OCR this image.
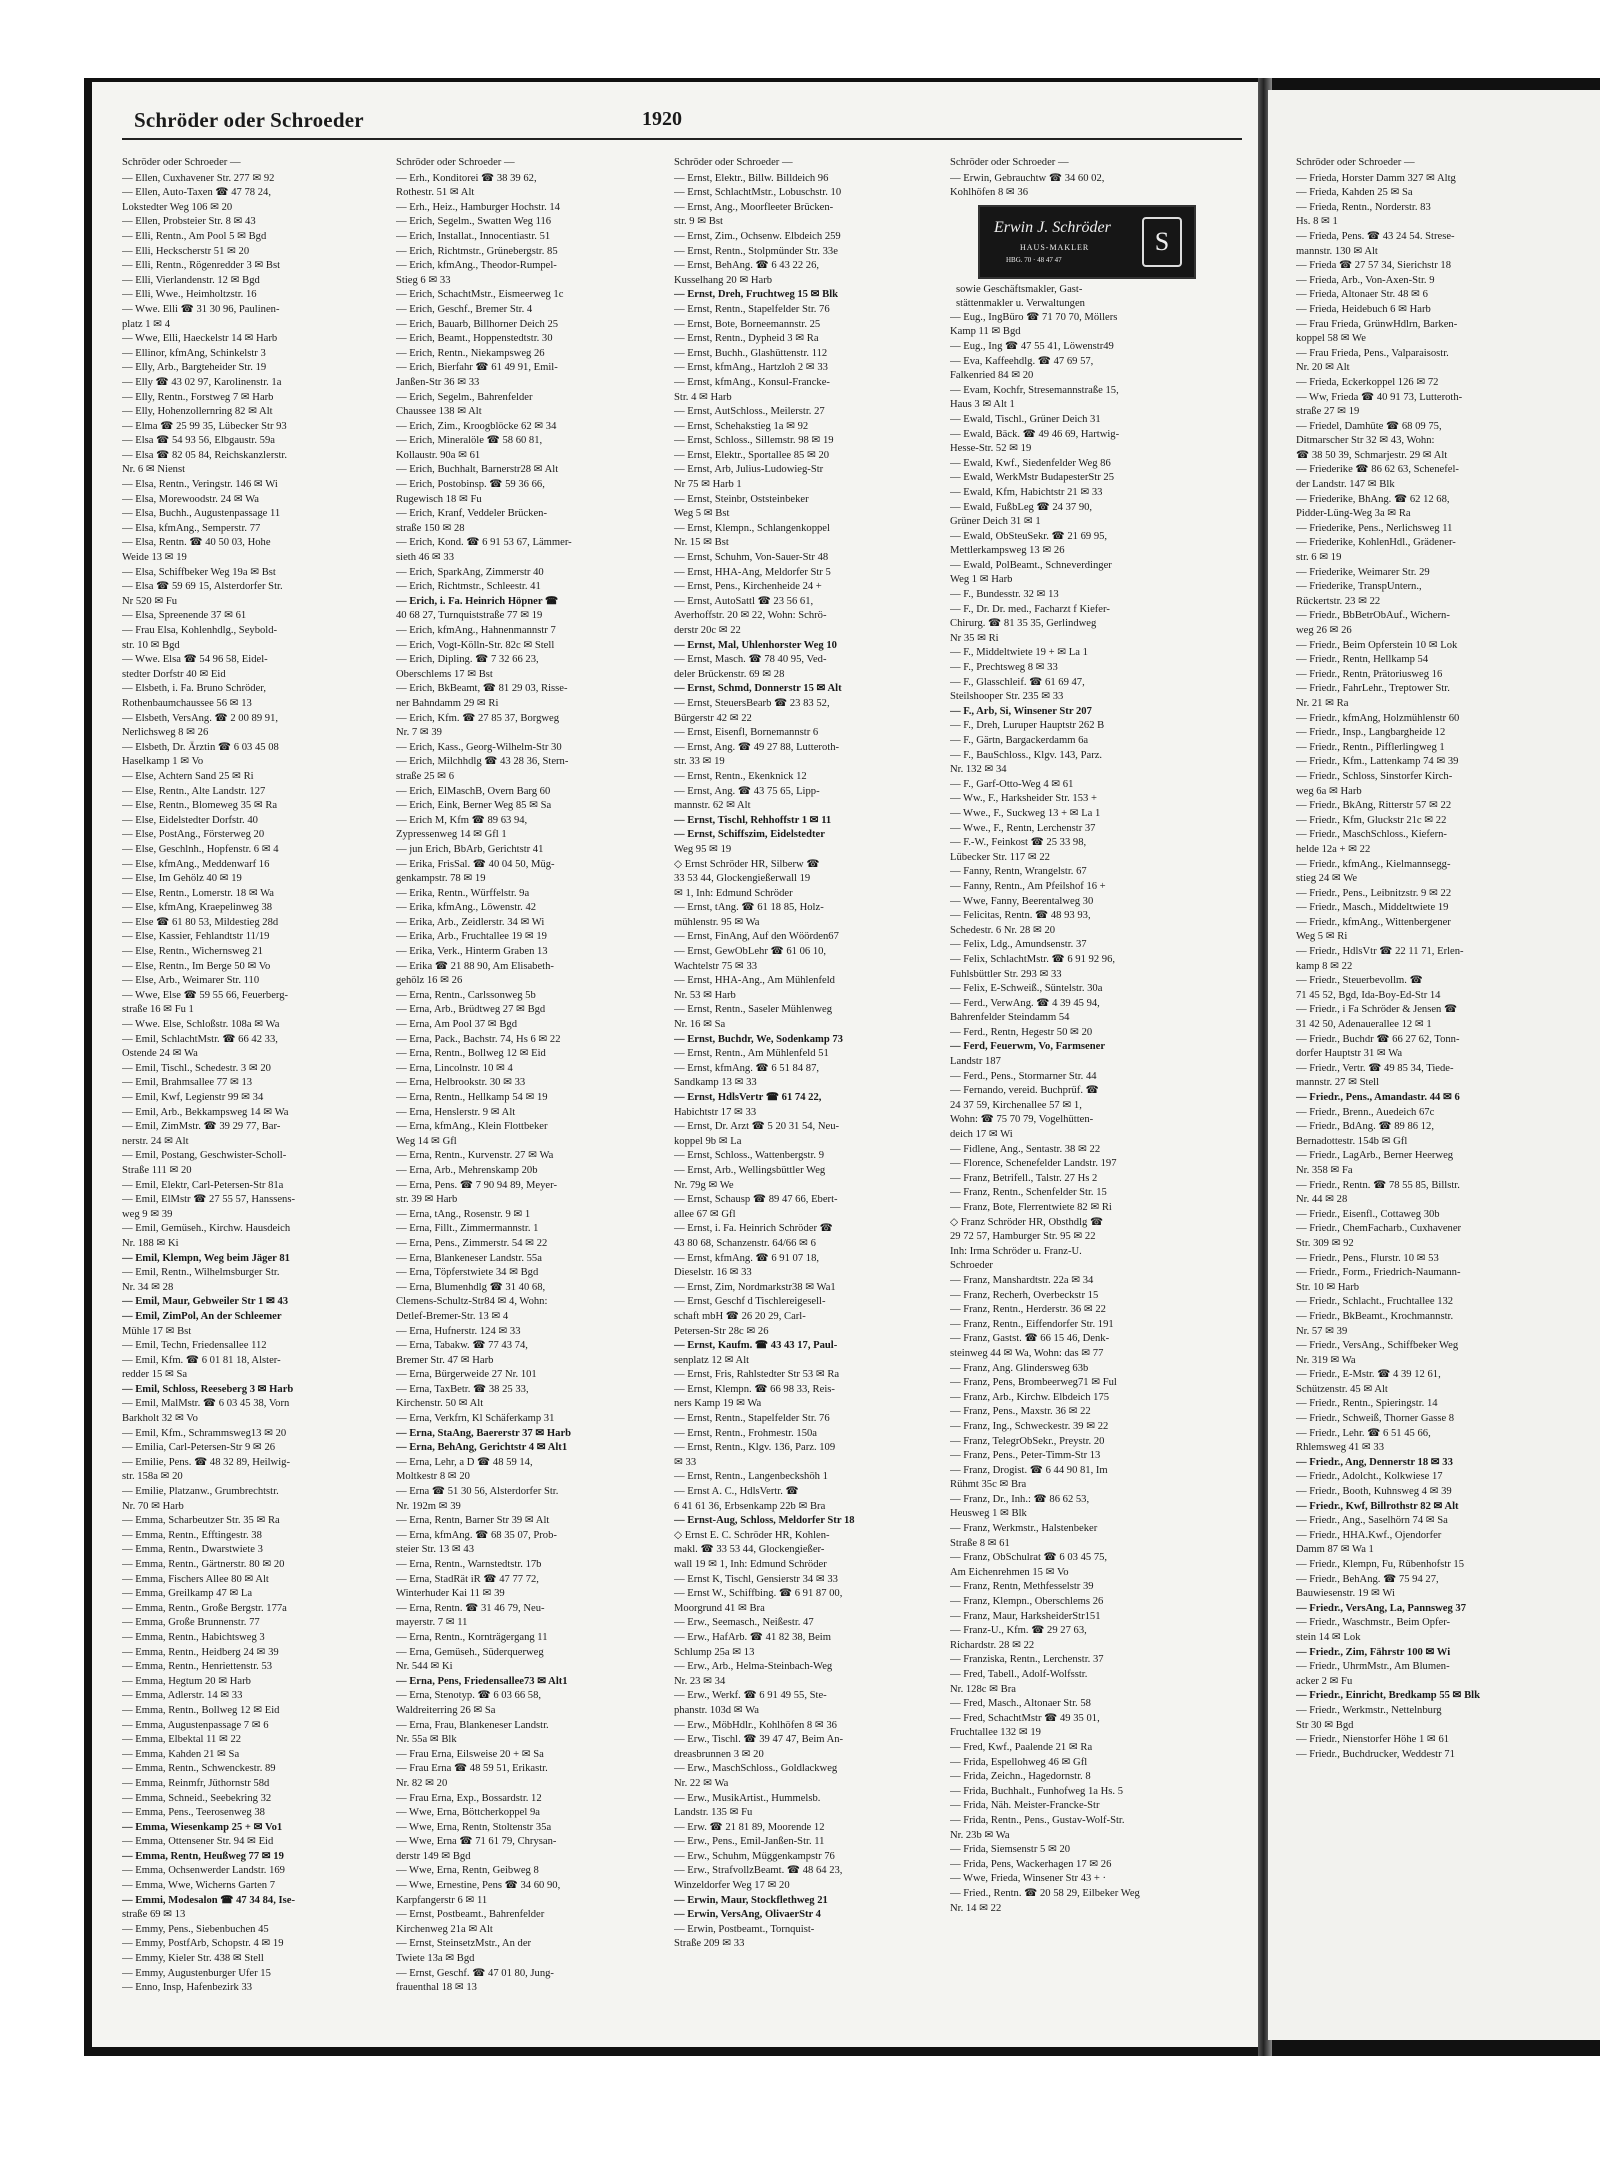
Schröder oder Schroeder	1920
Schröder oder Schroeder —
— Ellen, Cuxhavener Str. 277 ✉ 92
— Ellen, Auto-Taxen ☎ 47 78 24,
Lokstedter Weg 106 ✉ 20
— Ellen, Probsteier Str. 8 ✉ 43
— Elli, Rentn., Am Pool 5 ✉ Bgd
— Elli, Heckscherstr 51 ✉ 20
— Elli, Rentn., Rögenredder 3 ✉ Bst
— Elli, Vierlandenstr. 12 ✉ Bgd
— Elli, Wwe., Heimholtzstr. 16
— Wwe. Elli ☎ 31 30 96, Paulinen-
platz 1 ✉ 4
— Wwe, Elli, Haeckelstr 14 ✉ Harb
— Ellinor, kfmAng, Schinkelstr 3
— Elly, Arb., Bargteheider Str. 19
— Elly ☎ 43 02 97, Karolinenstr. 1a
— Elly, Rentn., Forstweg 7 ✉ Harb
— Elly, Hohenzollernring 82 ✉ Alt
— Elma ☎ 25 99 35, Lübecker Str 93
— Elsa ☎ 54 93 56, Elbgaustr. 59a
— Elsa ☎ 82 05 84, Reichskanzlerstr.
Nr. 6 ✉ Nienst
— Elsa, Rentn., Veringstr. 146 ✉ Wi
— Elsa, Morewoodstr. 24 ✉ Wa
— Elsa, Buchh., Augustenpassage 11
— Elsa, kfmAng., Semperstr. 77
— Elsa, Rentn. ☎ 40 50 03, Hohe
Weide 13 ✉ 19
— Elsa, Schiffbeker Weg 19a ✉ Bst
— Elsa ☎ 59 69 15, Alsterdorfer Str.
Nr 520 ✉ Fu
— Elsa, Spreenende 37 ✉ 61
— Frau Elsa, Kohlenhdlg., Seybold-
str. 10 ✉ Bgd
— Wwe. Elsa ☎ 54 96 58, Eidel-
stedter Dorfstr 40 ✉ Eid
— Elsbeth, i. Fa. Bruno Schröder,
Rothenbaumchaussee 56 ✉ 13
— Elsbeth, VersAng. ☎ 2 00 89 91,
Nerlichsweg 8 ✉ 26
— Elsbeth, Dr. Ärztin ☎ 6 03 45 08
Haselkamp 1 ✉ Vo
— Else, Achtern Sand 25 ✉ Ri
— Else, Rentn., Alte Landstr. 127
— Else, Rentn., Blomeweg 35 ✉ Ra
— Else, Eidelstedter Dorfstr. 40
— Else, PostAng., Försterweg 20
— Else, Geschlnh., Hopfenstr. 6 ✉ 4
— Else, kfmAng., Meddenwarf 16
— Else, Im Gehölz 40 ✉ 19
— Else, Rentn., Lomerstr. 18 ✉ Wa
— Else, kfmAng, Kraepelinweg 38
— Else ☎ 61 80 53, Mildestieg 28d
— Else, Kassier, Fehlandtstr 11/19
— Else, Rentn., Wichernsweg 21
— Else, Rentn., Im Berge 50 ✉ Vo
— Else, Arb., Weimarer Str. 110
— Wwe, Else ☎ 59 55 66, Feuerberg-
straße 16 ✉ Fu 1
— Wwe. Else, Schloßstr. 108a ✉ Wa
— Emil, SchlachtMstr. ☎ 66 42 33,
Ostende 24 ✉ Wa
— Emil, Tischl., Schedestr. 3 ✉ 20
— Emil, Brahmsallee 77 ✉ 13
— Emil, Kwf, Legienstr 99 ✉ 34
— Emil, Arb., Bekkampsweg 14 ✉ Wa
— Emil, ZimMstr. ☎ 39 29 77, Bar-
nerstr. 24 ✉ Alt
— Emil, Postang, Geschwister-Scholl-
Straße 111 ✉ 20
— Emil, Elektr, Carl-Petersen-Str 81a
— Emil, ElMstr ☎ 27 55 57, Hanssens-
weg 9 ✉ 39
— Emil, Gemüseh., Kirchw. Hausdeich
Nr. 188 ✉ Ki
— Emil, Klempn, Weg beim Jäger 81
— Emil, Rentn., Wilhelmsburger Str.
Nr. 34 ✉ 28
— Emil, Maur, Gebweiler Str 1 ✉ 43
— Emil, ZimPol, An der Schleemer
Mühle 17 ✉ Bst
— Emil, Techn, Friedensallee 112
— Emil, Kfm. ☎ 6 01 81 18, Alster-
redder 15 ✉ Sa
— Emil, Schloss, Reeseberg 3 ✉ Harb
— Emil, MalMstr. ☎ 6 03 45 38, Vorn
Barkholt 32 ✉ Vo
— Emil, Kfm., Schrammsweg13 ✉ 20
— Emilia, Carl-Petersen-Str 9 ✉ 26
— Emilie, Pens. ☎ 48 32 89, Heilwig-
str. 158a ✉ 20
— Emilie, Platzanw., Grumbrechtstr.
Nr. 70 ✉ Harb
— Emma, Scharbeutzer Str. 35 ✉ Ra
— Emma, Rentn., Efftingestr. 38
— Emma, Rentn., Dwarstwiete 3
— Emma, Rentn., Gärtnerstr. 80 ✉ 20
— Emma, Fischers Allee 80 ✉ Alt
— Emma, Greilkamp 47 ✉ La
— Emma, Rentn., Große Bergstr. 177a
— Emma, Große Brunnenstr. 77
— Emma, Rentn., Habichtsweg 3
— Emma, Rentn., Heidberg 24 ✉ 39
— Emma, Rentn., Henriettenstr. 53
— Emma, Hegtum 20 ✉ Harb
— Emma, Adlerstr. 14 ✉ 33
— Emma, Rentn., Bollweg 12 ✉ Eid
— Emma, Augustenpassage 7 ✉ 6
— Emma, Elbektal 11 ✉ 22
— Emma, Kahden 21 ✉ Sa
— Emma, Rentn., Schwenckestr. 89
— Emma, Reinmfr, Jüthornstr 58d
— Emma, Schneid., Seebekring 32
— Emma, Pens., Teerosenweg 38
— Emma, Wiesenkamp 25 + ✉ Vo1
— Emma, Ottensener Str. 94 ✉ Eid
— Emma, Rentn, Heußweg 77 ✉ 19
— Emma, Ochsenwerder Landstr. 169
— Emma, Wwe, Wicherns Garten 7
— Emmi, Modesalon ☎ 47 34 84, Ise-
straße 69 ✉ 13
— Emmy, Pens., Siebenbuchen 45
— Emmy, PostfArb, Schopstr. 4 ✉ 19
— Emmy, Kieler Str. 438 ✉ Stell
— Emmy, Augustenburger Ufer 15
— Enno, Insp, Hafenbezirk 33
Schröder oder Schroeder —
— Erh., Konditorei ☎ 38 39 62,
Rothestr. 51 ✉ Alt
— Erh., Heiz., Hamburger Hochstr. 14
— Erich, Segelm., Swatten Weg 116
— Erich, Installat., Innocentiastr. 51
— Erich, Richtmstr., Grünebergstr. 85
— Erich, kfmAng., Theodor-Rumpel-
Stieg 6 ✉ 33
— Erich, SchachtMstr., Eismeerweg 1c
— Erich, Geschf., Bremer Str. 4
— Erich, Bauarb, Billhorner Deich 25
— Erich, Beamt., Hoppenstedtstr. 30
— Erich, Rentn., Niekampsweg 26
— Erich, Bierfahr ☎ 61 49 91, Emil-
Janßen-Str 36 ✉ 33
— Erich, Segelm., Bahrenfelder
Chaussee 138 ✉ Alt
— Erich, Zim., Kroogblöcke 62 ✉ 34
— Erich, Mineralöle ☎ 58 60 81,
Kollaustr. 90a ✉ 61
— Erich, Buchhalt, Barnerstr28 ✉ Alt
— Erich, Postobinsp. ☎ 59 36 66,
Rugewisch 18 ✉ Fu
— Erich, Kranf, Veddeler Brücken-
straße 150 ✉ 28
— Erich, Kond. ☎ 6 91 53 67, Lämmer-
sieth 46 ✉ 33
— Erich, SparkAng, Zimmerstr 40
— Erich, Richtmstr., Schleestr. 41
— Erich, i. Fa. Heinrich Höpner ☎
40 68 27, Turnquiststraße 77 ✉ 19
— Erich, kfmAng., Hahnenmannstr 7
— Erich, Vogt-Kölln-Str. 82c ✉ Stell
— Erich, Dipling. ☎ 7 32 66 23,
Oberschlems 17 ✉ Bst
— Erich, BkBeamt, ☎ 81 29 03, Risse-
ner Bahndamm 29 ✉ Ri
— Erich, Kfm. ☎ 27 85 37, Borgweg
Nr. 7 ✉ 39
— Erich, Kass., Georg-Wilhelm-Str 30
— Erich, Milchhdlg ☎ 43 28 36, Stern-
straße 25 ✉ 6
— Erich, ElMaschB, Overn Barg 60
— Erich, Eink, Berner Weg 85 ✉ Sa
— Erich M, Kfm ☎ 89 63 94,
Zypressenweg 14 ✉ Gfl 1
— jun Erich, BbArb, Gerichtstr 41
— Erika, FrisSal. ☎ 40 04 50, Müg-
genkampstr. 78 ✉ 19
— Erika, Rentn., Würffelstr. 9a
— Erika, kfmAng., Löwenstr. 42
— Erika, Arb., Zeidlerstr. 34 ✉ Wi
— Erika, Arb., Fruchtallee 19 ✉ 19
— Erika, Verk., Hinterm Graben 13
— Erika ☎ 21 88 90, Am Elisabeth-
gehölz 16 ✉ 26
— Erna, Rentn., Carlssonweg 5b
— Erna, Arb., Brüdtweg 27 ✉ Bgd
— Erna, Am Pool 37 ✉ Bgd
— Erna, Pack., Bachstr. 74, Hs 6 ✉ 22
— Erna, Rentn., Bollweg 12 ✉ Eid
— Erna, Lincolnstr. 10 ✉ 4
— Erna, Helbrookstr. 30 ✉ 33
— Erna, Rentn., Hellkamp 54 ✉ 19
— Erna, Henslerstr. 9 ✉ Alt
— Erna, kfmAng., Klein Flottbeker
Weg 14 ✉ Gfl
— Erna, Rentn., Kurvenstr. 27 ✉ Wa
— Erna, Arb., Mehrenskamp 20b
— Erna, Pens. ☎ 7 90 94 89, Meyer-
str. 39 ✉ Harb
— Erna, tAng., Rosenstr. 9 ✉ 1
— Erna, Fillt., Zimmermannstr. 1
— Erna, Pens., Zimmerstr. 54 ✉ 22
— Erna, Blankeneser Landstr. 55a
— Erna, Töpferstwiete 34 ✉ Bgd
— Erna, Blumenhdlg ☎ 31 40 68,
Clemens-Schultz-Str84 ✉ 4, Wohn:
Detlef-Bremer-Str. 13 ✉ 4
— Erna, Hufnerstr. 124 ✉ 33
— Erna, Tabakw. ☎ 77 43 74,
Bremer Str. 47 ✉ Harb
— Erna, Bürgerweide 27 Nr. 101
— Erna, TaxBetr. ☎ 38 25 33,
Kirchenstr. 50 ✉ Alt
— Erna, Verkfrn, Kl Schäferkamp 31
— Erna, StaAng, Baererstr 37 ✉ Harb
— Erna, BehAng, Gerichtstr 4 ✉ Alt1
— Erna, Lehr, a D ☎ 48 59 14,
Moltkestr 8 ✉ 20
— Erna ☎ 51 30 56, Alsterdorfer Str.
Nr. 192m ✉ 39
— Erna, Rentn, Barner Str 39 ✉ Alt
— Erna, kfmAng. ☎ 68 35 07, Prob-
steier Str. 13 ✉ 43
— Erna, Rentn., Warnstedtstr. 17b
— Erna, StadRät iR ☎ 47 77 72,
Winterhuder Kai 11 ✉ 39
— Erna, Rentn. ☎ 31 46 79, Neu-
mayerstr. 7 ✉ 11
— Erna, Rentn., Kornträgergang 11
— Erna, Gemüseh., Süderquerweg
Nr. 544 ✉ Ki
— Erna, Pens, Friedensallee73 ✉ Alt1
— Erna, Stenotyp. ☎ 6 03 66 58,
Waldreiterring 26 ✉ Sa
— Erna, Frau, Blankeneser Landstr.
Nr. 55a ✉ Blk
— Frau Erna, Eilsweise 20 + ✉ Sa
— Frau Erna ☎ 48 59 51, Erikastr.
Nr. 82 ✉ 20
— Frau Erna, Exp., Bossardstr. 12
— Wwe, Erna, Böttcherkoppel 9a
— Wwe, Erna, Rentn, Stoltenstr 35a
— Wwe, Erna ☎ 71 61 79, Chrysan-
derstr 149 ✉ Bgd
— Wwe, Erna, Rentn, Geibweg 8
— Wwe, Ernestine, Pens ☎ 34 60 90,
Karpfangerstr 6 ✉ 11
— Ernst, Postbeamt., Bahrenfelder
Kirchenweg 21a ✉ Alt
— Ernst, SteinsetzMstr., An der
Twiete 13a ✉ Bgd
— Ernst, Geschf. ☎ 47 01 80, Jung-
frauenthal 18 ✉ 13
Schröder oder Schroeder —
— Ernst, Elektr., Billw. Billdeich 96
— Ernst, SchlachtMstr., Lobuschstr. 10
— Ernst, Ang., Moorfleeter Brücken-
str. 9 ✉ Bst
— Ernst, Zim., Ochsenw. Elbdeich 259
— Ernst, Rentn., Stolpmünder Str. 33e
— Ernst, BehAng. ☎ 6 43 22 26,
Kusselhang 20 ✉ Harb
— Ernst, Dreh, Fruchtweg 15 ✉ Blk
— Ernst, Rentn., Stapelfelder Str. 76
— Ernst, Bote, Borneemannstr. 25
— Ernst, Rentn., Dypheid 3 ✉ Ra
— Ernst, Buchh., Glashüttenstr. 112
— Ernst, kfmAng., Hartzloh 2 ✉ 33
— Ernst, kfmAng., Konsul-Francke-
Str. 4 ✉ Harb
— Ernst, AutSchloss., Meilerstr. 27
— Ernst, Schehakstieg 1a ✉ 92
— Ernst, Schloss., Sillemstr. 98 ✉ 19
— Ernst, Elektr., Sportallee 85 ✉ 20
— Ernst, Arb, Julius-Ludowieg-Str
Nr 75 ✉ Harb 1
— Ernst, Steinbr, Oststeinbeker
Weg 5 ✉ Bst
— Ernst, Klempn., Schlangenkoppel
Nr. 15 ✉ Bst
— Ernst, Schuhm, Von-Sauer-Str 48
— Ernst, HHA-Ang, Meldorfer Str 5
— Ernst, Pens., Kirchenheide 24 +
— Ernst, AutoSattl ☎ 23 56 61,
Averhoffstr. 20 ✉ 22, Wohn: Schrö-
derstr 20c ✉ 22
— Ernst, Mal, Uhlenhorster Weg 10
— Ernst, Masch. ☎ 78 40 95, Ved-
deler Brückenstr. 69 ✉ 28
— Ernst, Schmd, Donnerstr 15 ✉ Alt
— Ernst, SteuersBearb ☎ 23 83 52,
Bürgerstr 42 ✉ 22
— Ernst, Eisenfl, Bornemannstr 6
— Ernst, Ang. ☎ 49 27 88, Lutteroth-
str. 33 ✉ 19
— Ernst, Rentn., Ekenknick 12
— Ernst, Ang. ☎ 43 75 65, Lipp-
mannstr. 62 ✉ Alt
— Ernst, Tischl, Rehhoffstr 1 ✉ 11
— Ernst, Schiffszim, Eidelstedter
Weg 95 ✉ 19
◇ Ernst Schröder HR, Silberw ☎
33 53 44, Glockengießerwall 19
✉ 1, Inh: Edmund Schröder
— Ernst, tAng. ☎ 61 18 85, Holz-
mühlenstr. 95 ✉ Wa
— Ernst, FinAng, Auf den Wöörden67
— Ernst, GewObLehr ☎ 61 06 10,
Wachtelstr 75 ✉ 33
— Ernst, HHA-Ang., Am Mühlenfeld
Nr. 53 ✉ Harb
— Ernst, Rentn., Saseler Mühlenweg
Nr. 16 ✉ Sa
— Ernst, Buchdr, We, Sodenkamp 73
— Ernst, Rentn., Am Mühlenfeld 51
— Ernst, kfmAng. ☎ 6 51 84 87,
Sandkamp 13 ✉ 33
— Ernst, HdlsVertr ☎ 61 74 22,
Habichtstr 17 ✉ 33
— Ernst, Dr. Arzt ☎ 5 20 31 54, Neu-
koppel 9b ✉ La
— Ernst, Schloss., Wattenbergstr. 9
— Ernst, Arb., Wellingsbüttler Weg
Nr. 79g ✉ We
— Ernst, Schausp ☎ 89 47 66, Ebert-
allee 67 ✉ Gfl
— Ernst, i. Fa. Heinrich Schröder ☎
43 80 68, Schanzenstr. 64/66 ✉ 6
— Ernst, kfmAng. ☎ 6 91 07 18,
Dieselstr. 16 ✉ 33
— Ernst, Zim, Nordmarkstr38 ✉ Wa1
— Ernst, Geschf d Tischlereigesell-
schaft mbH ☎ 26 20 29, Carl-
Petersen-Str 28c ✉ 26
— Ernst, Kaufm. ☎ 43 43 17, Paul-
senplatz 12 ✉ Alt
— Ernst, Fris, Rahlstedter Str 53 ✉ Ra
— Ernst, Klempn. ☎ 66 98 33, Reis-
ners Kamp 19 ✉ Wa
— Ernst, Rentn., Stapelfelder Str. 76
— Ernst, Rentn., Frohmestr. 150a
— Ernst, Rentn., Klgv. 136, Parz. 109
✉ 33
— Ernst, Rentn., Langenbeckshöh 1
— Ernst A. C., HdlsVertr. ☎
6 41 61 36, Erbsenkamp 22b ✉ Bra
— Ernst-Aug, Schloss, Meldorfer Str 18
◇ Ernst E. C. Schröder HR, Kohlen-
makl. ☎ 33 53 44, Glockengießer-
wall 19 ✉ 1, Inh: Edmund Schröder
— Ernst K, Tischl, Gensierstr 34 ✉ 33
— Ernst W., Schiffbing. ☎ 6 91 87 00,
Moorgrund 41 ✉ Bra
— Erw., Seemasch., Neißestr. 47
— Erw., HafArb. ☎ 41 82 38, Beim
Schlump 25a ✉ 13
— Erw., Arb., Helma-Steinbach-Weg
Nr. 23 ✉ 34
— Erw., Werkf. ☎ 6 91 49 55, Ste-
phanstr. 103d ✉ Wa
— Erw., MöbHdlr., Kohlhöfen 8 ✉ 36
— Erw., Tischl. ☎ 39 47 47, Beim An-
dreasbrunnen 3 ✉ 20
— Erw., MaschSchloss., Goldlackweg
Nr. 22 ✉ Wa
— Erw., MusikArtist., Hummelsb.
Landstr. 135 ✉ Fu
— Erw. ☎ 21 81 89, Moorende 12
— Erw., Pens., Emil-Janßen-Str. 11
— Erw., Schuhm, Müggenkampstr 76
— Erw., StrafvollzBeamt. ☎ 48 64 23,
Winzeldorfer Weg 17 ✉ 20
— Erwin, Maur, Stockflethweg 21
— Erwin, VersAng, OlivaerStr 4
— Erwin, Postbeamt., Tornquist-
Straße 209 ✉ 33
Schröder oder Schroeder —
— Erwin, Gebrauchtw ☎ 34 60 02,
Kohlhöfen 8 ✉ 36
Erwin J. Schröder
HAUS-MAKLER
HBG. 70 · 48 47 47
S
sowie Geschäftsmakler, Gast-
stättenmakler u. Verwaltungen
— Eug., IngBüro ☎ 71 70 70, Möllers
Kamp 11 ✉ Bgd
— Eug., Ing ☎ 47 55 41, Löwenstr49
— Eva, Kaffeehdlg. ☎ 47 69 57,
Falkenried 84 ✉ 20
— Evam, Kochfr, Stresemannstraße 15,
Haus 3 ✉ Alt 1
— Ewald, Tischl., Grüner Deich 31
— Ewald, Bäck. ☎ 49 46 69, Hartwig-
Hesse-Str. 52 ✉ 19
— Ewald, Kwf., Siedenfelder Weg 86
— Ewald, WerkMstr BudapesterStr 25
— Ewald, Kfm, Habichtstr 21 ✉ 33
— Ewald, FußbLeg ☎ 24 37 90,
Grüner Deich 31 ✉ 1
— Ewald, ObSteuSekr. ☎ 21 69 95,
Mettlerkampsweg 13 ✉ 26
— Ewald, PolBeamt., Schneverdinger
Weg 1 ✉ Harb
— F., Bundesstr. 32 ✉ 13
— F., Dr. Dr. med., Facharzt f Kiefer-
Chirurg. ☎ 81 35 35, Gerlindweg
Nr 35 ✉ Ri
— F., Middeltwiete 19 + ✉ La 1
— F., Prechtsweg 8 ✉ 33
— F., Glasschleif. ☎ 61 69 47,
Steilshooper Str. 235 ✉ 33
— F., Arb, Si, Winsener Str 207
— F., Dreh, Luruper Hauptstr 262 B
— F., Gärtn, Bargackerdamm 6a
— F., BauSchloss., Klgv. 143, Parz.
Nr. 132 ✉ 34
— F., Garf-Otto-Weg 4 ✉ 61
— Ww., F., Harksheider Str. 153 +
— Wwe., F., Suckweg 13 + ✉ La 1
— Wwe., F., Rentn, Lerchenstr 37
— F.-W., Feinkost ☎ 25 33 98,
Lübecker Str. 117 ✉ 22
— Fanny, Rentn, Wrangelstr. 67
— Fanny, Rentn., Am Pfeilshof 16 +
— Wwe, Fanny, Beerentalweg 30
— Felicitas, Rentn. ☎ 48 93 93,
Schedestr. 6 Nr. 28 ✉ 20
— Felix, Ldg., Amundsenstr. 37
— Felix, SchlachtMstr. ☎ 6 91 92 96,
Fuhlsbüttler Str. 293 ✉ 33
— Felix, E-Schweiß., Süntelstr. 30a
— Ferd., VerwAng. ☎ 4 39 45 94,
Bahrenfelder Steindamm 54
— Ferd., Rentn, Hegestr 50 ✉ 20
— Ferd, Feuerwm, Vo, Farmsener
Landstr 187
— Ferd., Pens., Stormarner Str. 44
— Fernando, vereid. Buchprüf. ☎
24 37 59, Kirchenallee 57 ✉ 1,
Wohn: ☎ 75 70 79, Vogelhütten-
deich 17 ✉ Wi
— Fidlene, Ang., Sentastr. 38 ✉ 22
— Florence, Schenefelder Landstr. 197
— Franz, Betrifell., Talstr. 27 Hs 2
— Franz, Rentn., Schenfelder Str. 15
— Franz, Bote, Flerrentwiete 82 ✉ Ri
◇ Franz Schröder HR, Obsthdlg ☎
29 72 57, Hamburger Str. 95 ✉ 22
Inh: Irma Schröder u. Franz-U.
Schroeder
— Franz, Manshardtstr. 22a ✉ 34
— Franz, Recherh, Overbeckstr 15
— Franz, Rentn., Herderstr. 36 ✉ 22
— Franz, Rentn., Eiffendorfer Str. 191
— Franz, Gastst. ☎ 66 15 46, Denk-
steinweg 44 ✉ Wa, Wohn: das ✉ 77
— Franz, Ang. Glindersweg 63b
— Franz, Pens, Brombeerweg71 ✉ Ful
— Franz, Arb., Kirchw. Elbdeich 175
— Franz, Pens., Maxstr. 36 ✉ 22
— Franz, Ing., Schweckestr. 39 ✉ 22
— Franz, TelegrObSekr., Preystr. 20
— Franz, Pens., Peter-Timm-Str 13
— Franz, Drogist. ☎ 6 44 90 81, Im
Rühmt 35c ✉ Bra
— Franz, Dr., Inh.: ☎ 86 62 53,
Heusweg 1 ✉ Blk
— Franz, Werkmstr., Halstenbeker
Straße 8 ✉ 61
— Franz, ObSchulrat ☎ 6 03 45 75,
Am Eichenrehmen 15 ✉ Vo
— Franz, Rentn, Methfesselstr 39
— Franz, Klempn., Oberschlems 26
— Franz, Maur, HarksheiderStr151
— Franz-U., Kfm. ☎ 29 27 63,
Richardstr. 28 ✉ 22
— Franziska, Rentn., Lerchenstr. 37
— Fred, Tabell., Adolf-Wolfsstr.
Nr. 128c ✉ Bra
— Fred, Masch., Altonaer Str. 58
— Fred, SchachtMstr ☎ 49 35 01,
Fruchtallee 132 ✉ 19
— Fred, Kwf., Paalende 21 ✉ Ra
— Frida, Espellohweg 46 ✉ Gfl
— Frida, Zeichn., Hagedornstr. 8
— Frida, Buchhalt., Funhofweg 1a Hs. 5
— Frida, Näh. Meister-Francke-Str
— Frida, Rentn., Pens., Gustav-Wolf-Str.
Nr. 23b ✉ Wa
— Frida, Siemsenstr 5 ✉ 20
— Frida, Pens, Wackerhagen 17 ✉ 26
— Wwe, Frieda, Winsener Str 43 + ·
— Fried., Rentn. ☎ 20 58 29, Eilbeker Weg
Nr. 14 ✉ 22
Schröder oder Schroeder —
— Frieda, Horster Damm 327 ✉ Altg
— Frieda, Kahden 25 ✉ Sa
— Frieda, Rentn., Norderstr. 83
Hs. 8 ✉ 1
— Frieda, Pens. ☎ 43 24 54. Strese-
mannstr. 130 ✉ Alt
— Frieda ☎ 27 57 34, Sierichstr 18
— Frieda, Arb., Von-Axen-Str. 9
— Frieda, Altonaer Str. 48 ✉ 6
— Frieda, Heidebuch 6 ✉ Harb
— Frau Frieda, GrünwHdlrn, Barken-
koppel 58 ✉ We
— Frau Frieda, Pens., Valparaisostr.
Nr. 20 ✉ Alt
— Frieda, Eckerkoppel 126 ✉ 72
— Ww, Frieda ☎ 40 91 73, Lutteroth-
straße 27 ✉ 19
— Friedel, Damhüte ☎ 68 09 75,
Ditmarscher Str 32 ✉ 43, Wohn:
☎ 38 50 39, Schmarjestr. 29 ✉ Alt
— Friederike ☎ 86 62 63, Schenefel-
der Landstr. 147 ✉ Blk
— Friederike, BhAng. ☎ 62 12 68,
Pidder-Lüng-Weg 3a ✉ Ra
— Friederike, Pens., Nerlichsweg 11
— Friederike, KohlenHdl., Grädener-
str. 6 ✉ 19
— Friederike, Weimarer Str. 29
— Friederike, TranspUntern.,
Rückertstr. 23 ✉ 22
— Friedr., BbBetrObAuf., Wichern-
weg 26 ✉ 26
— Friedr., Beim Opferstein 10 ✉ Lok
— Friedr., Rentn, Hellkamp 54
— Friedr., Rentn, Prätoriusweg 16
— Friedr., FahrLehr., Treptower Str.
Nr. 21 ✉ Ra
— Friedr., kfmAng, Holzmühlenstr 60
— Friedr., Insp., Langbargheide 12
— Friedr., Rentn., Pifflerlingweg 1
— Friedr., Kfm., Lattenkamp 74 ✉ 39
— Friedr., Schloss, Sinstorfer Kirch-
weg 6a ✉ Harb
— Friedr., BkAng, Ritterstr 57 ✉ 22
— Friedr., Kfm, Gluckstr 21c ✉ 22
— Friedr., MaschSchloss., Kiefern-
helde 12a + ✉ 22
— Friedr., kfmAng., Kielmannsegg-
stieg 24 ✉ We
— Friedr., Pens., Leibnitzstr. 9 ✉ 22
— Friedr., Masch., Middeltwiete 19
— Friedr., kfmAng., Wittenbergener
Weg 5 ✉ Ri
— Friedr., HdlsVtr ☎ 22 11 71, Erlen-
kamp 8 ✉ 22
— Friedr., Steuerbevollm. ☎
71 45 52, Bgd, Ida-Boy-Ed-Str 14
— Friedr., i Fa Schröder & Jensen ☎
31 42 50, Adenauerallee 12 ✉ 1
— Friedr., Buchdr ☎ 66 27 62, Tonn-
dorfer Hauptstr 31 ✉ Wa
— Friedr., Vertr. ☎ 49 85 34, Tiede-
mannstr. 27 ✉ Stell
— Friedr., Pens., Amandastr. 44 ✉ 6
— Friedr., Brenn., Auedeich 67c
— Friedr., BdAng. ☎ 89 86 12,
Bernadottestr. 154b ✉ Gfl
— Friedr., LagArb., Berner Heerweg
Nr. 358 ✉ Fa
— Friedr., Rentn. ☎ 78 55 85, Billstr.
Nr. 44 ✉ 28
— Friedr., Eisenfl., Cottaweg 30b
— Friedr., ChemFacharb., Cuxhavener
Str. 309 ✉ 92
— Friedr., Pens., Flurstr. 10 ✉ 53
— Friedr., Form., Friedrich-Naumann-
Str. 10 ✉ Harb
— Friedr., Schlacht., Fruchtallee 132
— Friedr., BkBeamt., Krochmannstr.
Nr. 57 ✉ 39
— Friedr., VersAng., Schiffbeker Weg
Nr. 319 ✉ Wa
— Friedr., E-Mstr. ☎ 4 39 12 61,
Schützenstr. 45 ✉ Alt
— Friedr., Rentn., Spieringstr. 14
— Friedr., Schweiß, Thorner Gasse 8
— Friedr., Lehr. ☎ 6 51 45 66,
Rhlemsweg 41 ✉ 33
— Friedr., Ang, Dennerstr 18 ✉ 33
— Friedr., Adolcht., Kolkwiese 17
— Friedr., Booth, Kuhnsweg 4 ✉ 39
— Friedr., Kwf, Billrothstr 82 ✉ Alt
— Friedr., Ang., Saselhörn 74 ✉ Sa
— Friedr., HHA.Kwf., Ojendorfer
Damm 87 ✉ Wa 1
— Friedr., Klempn, Fu, Rübenhofstr 15
— Friedr., BehAng. ☎ 75 94 27,
Bauwiesenstr. 19 ✉ Wi
— Friedr., VersAng, La, Pannsweg 37
— Friedr., Waschmstr., Beim Opfer-
stein 14 ✉ Lok
— Friedr., Zim, Fährstr 100 ✉ Wi
— Friedr., UhrmMstr., Am Blumen-
acker 2 ✉ Fu
— Friedr., Einricht, Bredkamp 55 ✉ Blk
— Friedr., Werkmstr., Nettelnburg
Str 30 ✉ Bgd
— Friedr., Nienstorfer Höhe 1 ✉ 61
— Friedr., Buchdrucker, Weddestr 71
